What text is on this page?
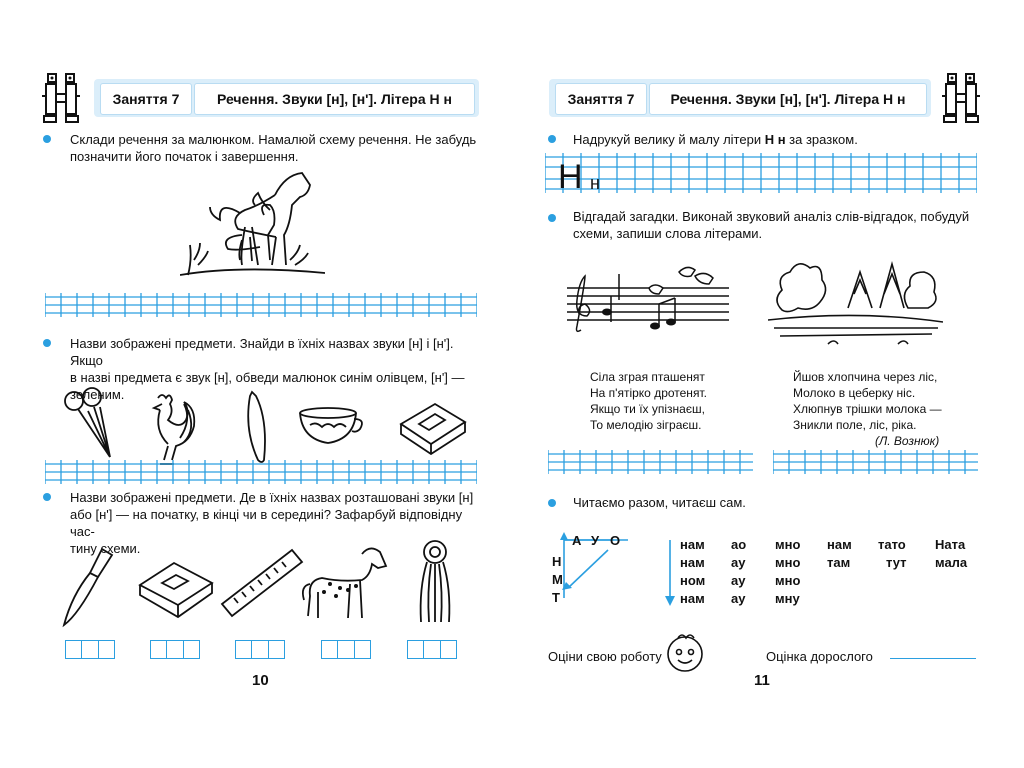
Заняття 7	Речення. Звуки [н], [н']. Літера Н н
Склади речення за малюнком. Намалюй схему речення. Не забудь
позначити його початок і завершення.
Назви зображені предмети. Знайди в їхніх назвах звуки [н] і [н']. Якщо
в назві предмета є звук [н], обведи малюнок синім олівцем, [н'] —
зеленим.
Назви зображені предмети. Де в їхніх назвах розташовані звуки [н]
або [н'] — на початку, в кінці чи в середині? Зафарбуй відповідну час-
тину схеми.
10
Заняття 7	Речення. Звуки [н], [н']. Літера Н н
Надрукуй велику й малу літери Н н за зразком.
Н н
Відгадай загадки. Виконай звуковий аналіз слів-відгадок, побудуй
схеми, запиши слова літерами.
Сіла зграя пташенят
На п'ятірко дротенят.
Якщо ти їх упізнаєш,
То мелодію зіграєш.
Йшов хлопчина через ліс,
Молоко в цеберку ніс.
Хлюпнув трішки молока —
Зникли поле, ліс, ріка.
(Л. Вознюк)
Читаємо разом, читаєш сам.
А У О
Н
М
Т
нам ао мно нам тато Ната
нам ау мно там	тут мала
ном ау мно
нам ау мну
Оціни свою роботу	Оцінка дорослого
11
